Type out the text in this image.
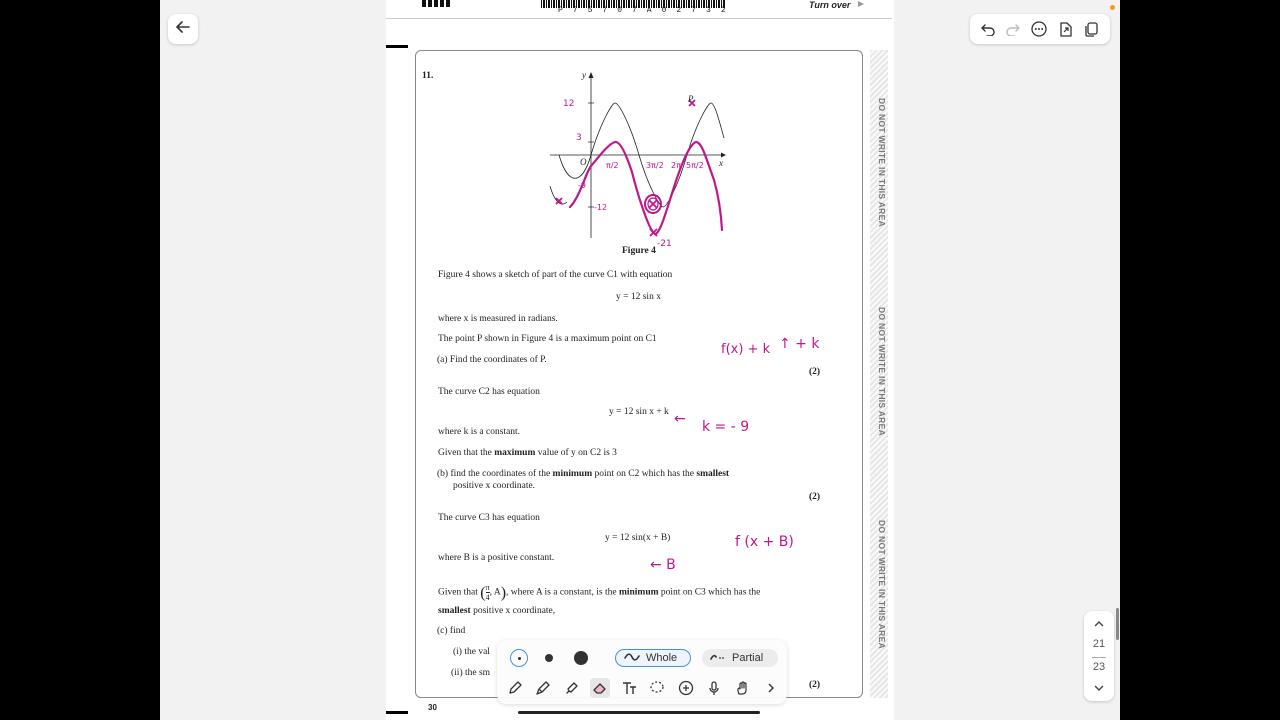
P 7 5 7 0 7 A 0 2 7 3 2
Turn over
DO NOT WRITE IN THIS AREA
DO NOT WRITE IN THIS AREA
DO NOT WRITE IN THIS AREA
11.	y
x
O
P
12
3
-9
-12
π/2	3π/2 2π 5π/2
-21
Figure 4
Figure 4 shows a sketch of part of the curve C1 with equation
y = 12 sin x
where x is measured in radians.
The point P shown in Figure 4 is a maximum point on C1
(a) Find the coordinates of P.
(2)
The curve C2 has equation
y = 12 sin x + k
where k is a constant.
Given that the maximum value of y on C2 is 3
(b) find the coordinates of the minimum point on C2 which has the smallest
positive x coordinate.
(2)
The curve C3 has equation
y = 12 sin(x + B)
where B is a positive constant.
Given that ( $\frac{\pi}{4}$ , A), where A is a constant, is the minimum point on C3 which has the
smallest positive x coordinate,
(c) find
(i) the val
(ii) the sm
(2)
30
f(x) + k ↑ + k
← k = - 9
f (x + B)
← B
Whole	Partial
21
23
